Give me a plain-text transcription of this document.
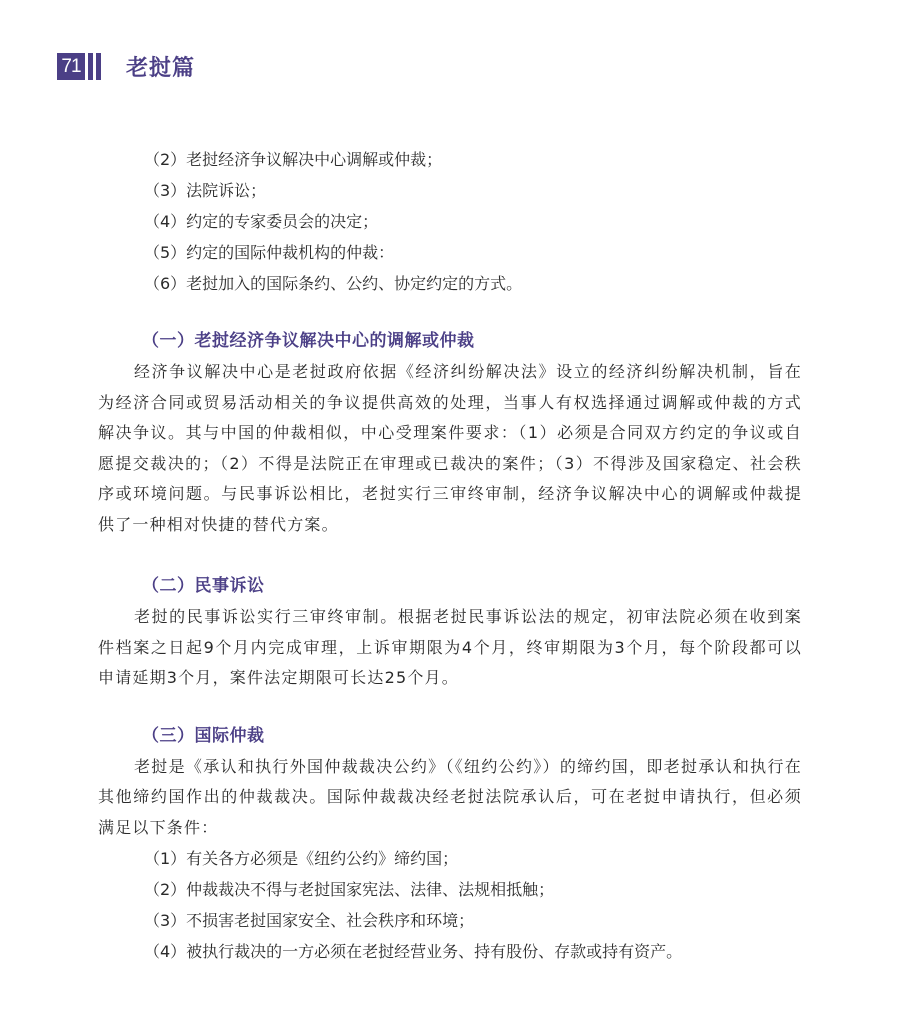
71 老挝篇
（2）老挝经济争议解决中心调解或仲裁；
（3）法院诉讼；
（4）约定的专家委员会的决定；
（5）约定的国际仲裁机构的仲裁：
（6）老挝加入的国际条约、公约、协定约定的方式。
（一）老挝经济争议解决中心的调解或仲裁

经济争议解决中心是老挝政府依据《经济纠纷解决法》设立的经济纠纷解决机制，旨在为经济合同或贸易活动相关的争议提供高效的处理，当事人有权选择通过调解或仲裁的方式解决争议。其与中国的仲裁相似，中心受理案件要求：（1）必须是合同双方约定的争议或自愿提交裁决的；（2）不得是法院正在审理或已裁决的案件；（3）不得涉及国家稳定、社会秩序或环境问题。与民事诉讼相比，老挝实行三审终审制，经济争议解决中心的调解或仲裁提供了一种相对快捷的替代方案。

（二）民事诉讼

老挝的民事诉讼实行三审终审制。根据老挝民事诉讼法的规定，初审法院必须在收到案件档案之日起9个月内完成审理，上诉审期限为4个月，终审期限为3个月，每个阶段都可以申请延期3个月，案件法定期限可长达25个月。

（三）国际仲裁

老挝是《承认和执行外国仲裁裁决公约》（《纽约公约》）的缔约国，即老挝承认和执行在其他缔约国作出的仲裁裁决。国际仲裁裁决经老挝法院承认后，可在老挝申请执行，但必须满足以下条件：

（1）有关各方必须是《纽约公约》缔约国；
（2）仲裁裁决不得与老挝国家宪法、法律、法规相抵触；
（3）不损害老挝国家安全、社会秩序和环境；
（4）被执行裁决的一方必须在老挝经营业务、持有股份、存款或持有资产。
